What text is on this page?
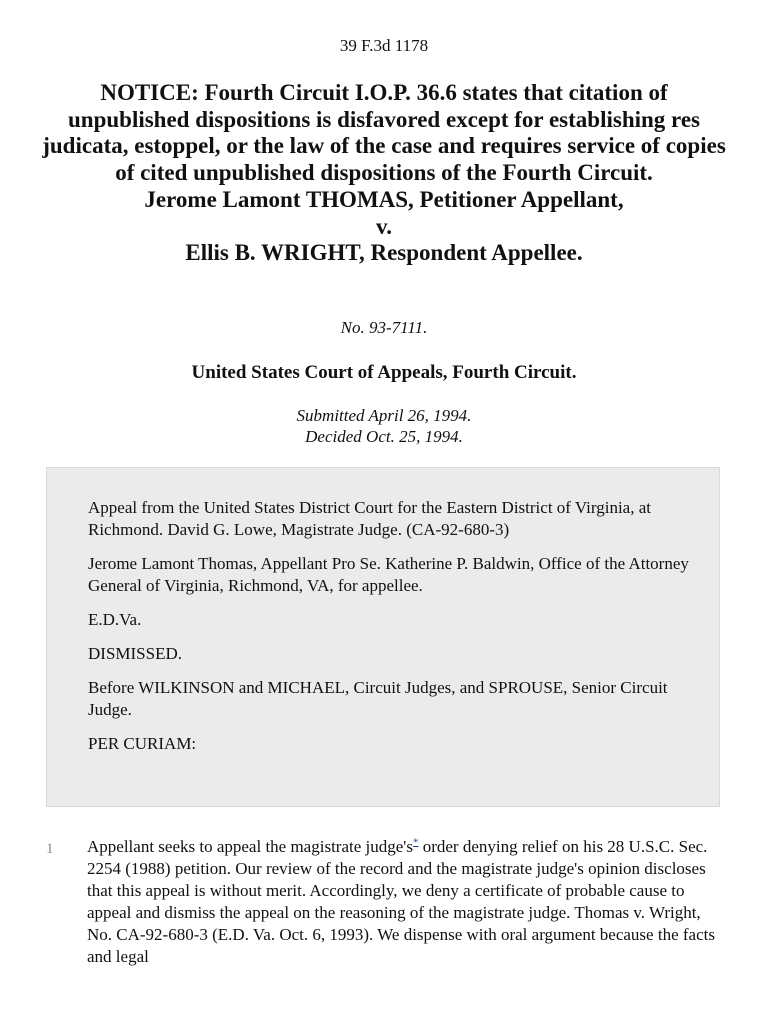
39 F.3d 1178
NOTICE: Fourth Circuit I.O.P. 36.6 states that citation of unpublished dispositions is disfavored except for establishing res judicata, estoppel, or the law of the case and requires service of copies of cited unpublished dispositions of the Fourth Circuit.
Jerome Lamont THOMAS, Petitioner Appellant,
v.
Ellis B. WRIGHT, Respondent Appellee.
No. 93-7111.
United States Court of Appeals, Fourth Circuit.
Submitted April 26, 1994.
Decided Oct. 25, 1994.

Appeal from the United States District Court for the Eastern District of Virginia, at Richmond. David G. Lowe, Magistrate Judge. (CA-92-680-3)

Jerome Lamont Thomas, Appellant Pro Se. Katherine P. Baldwin, Office of the Attorney General of Virginia, Richmond, VA, for appellee.

E.D.Va.

DISMISSED.

Before WILKINSON and MICHAEL, Circuit Judges, and SPROUSE, Senior Circuit Judge.

PER CURIAM:

1 Appellant seeks to appeal the magistrate judge's* order denying relief on his 28 U.S.C. Sec. 2254 (1988) petition. Our review of the record and the magistrate judge's opinion discloses that this appeal is without merit. Accordingly, we deny a certificate of probable cause to appeal and dismiss the appeal on the reasoning of the magistrate judge. Thomas v. Wright, No. CA-92-680-3 (E.D. Va. Oct. 6, 1993). We dispense with oral argument because the facts and legal
